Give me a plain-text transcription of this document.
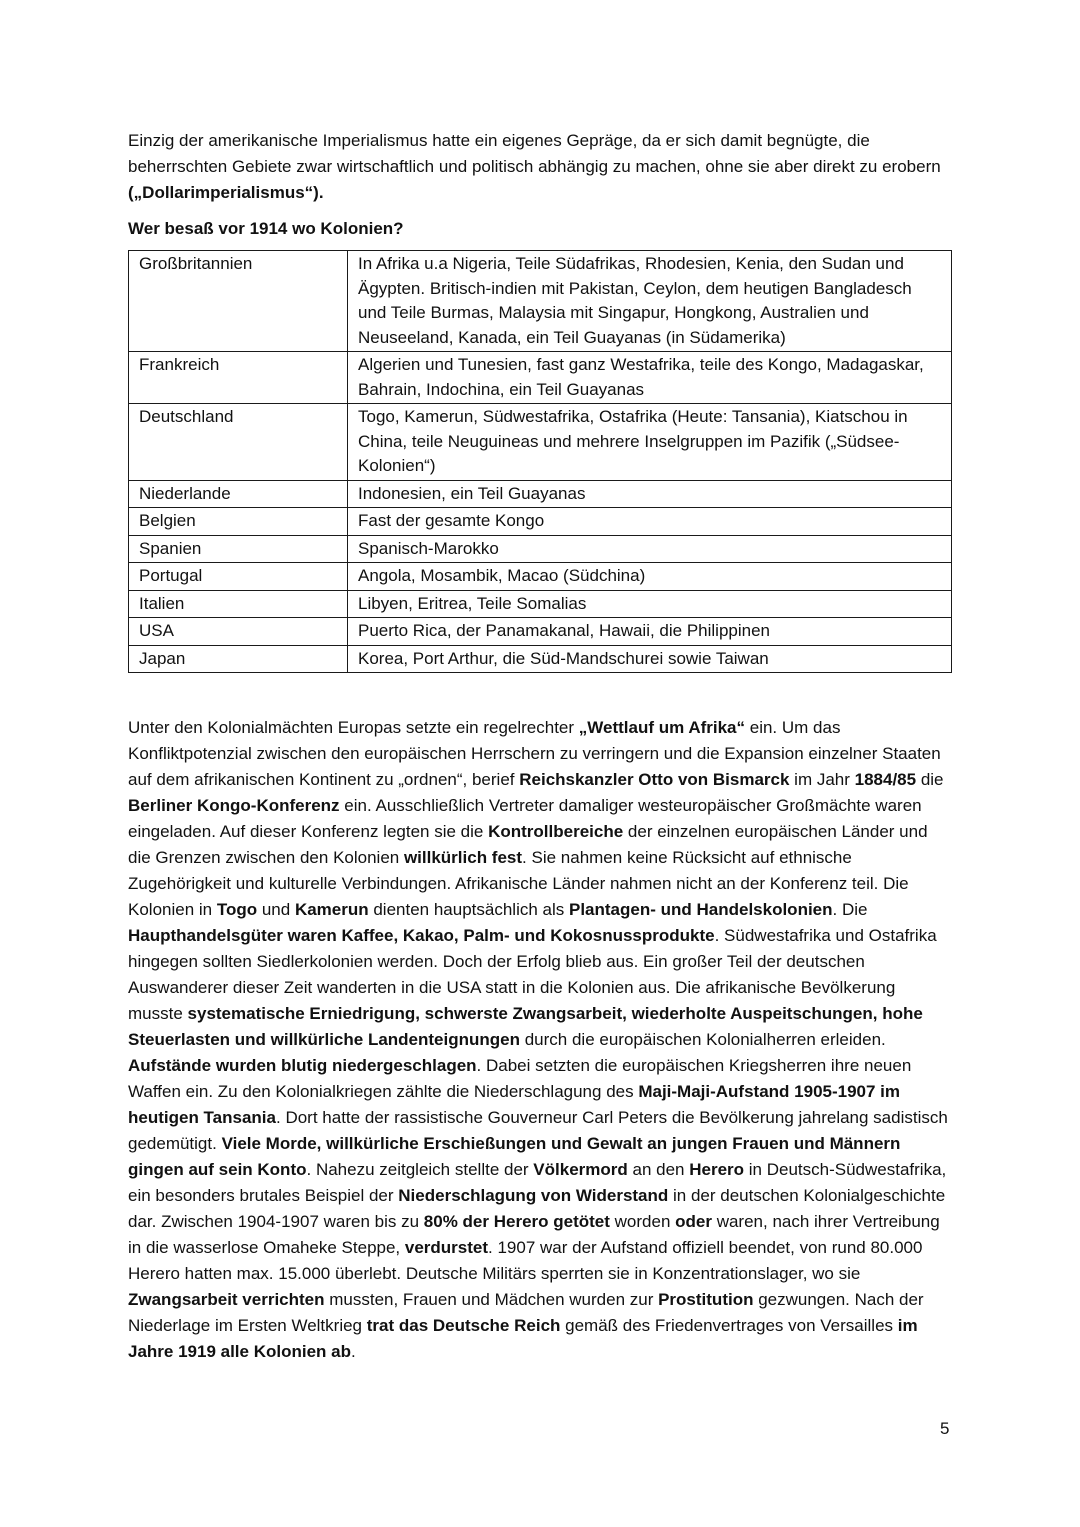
Einzig der amerikanische Imperialismus hatte ein eigenes Gepräge, da er sich damit begnügte, die beherrschten Gebiete zwar wirtschaftlich und politisch abhängig zu machen, ohne sie aber direkt zu erobern („Dollarimperialismus“).

Wer besaß vor 1914 wo Kolonien?
Großbritannien	In Afrika u.a Nigeria, Teile Südafrikas, Rhodesien, Kenia, den Sudan und Ägypten. Britisch-indien mit Pakistan, Ceylon, dem heutigen Bangladesch und Teile Burmas, Malaysia mit Singapur, Hongkong, Australien und Neuseeland, Kanada, ein Teil Guayanas (in Südamerika)
Frankreich	Algerien und Tunesien, fast ganz Westafrika, teile des Kongo, Madagaskar, Bahrain, Indochina, ein Teil Guayanas
Deutschland	Togo, Kamerun, Südwestafrika, Ostafrika (Heute: Tansania), Kiatschou in China, teile Neuguineas und mehrere Inselgruppen im Pazifik („Südsee-Kolonien“)
Niederlande	Indonesien, ein Teil Guayanas
Belgien	Fast der gesamte Kongo
Spanien	Spanisch-Marokko
Portugal	Angola, Mosambik, Macao (Südchina)
Italien	Libyen, Eritrea, Teile Somalias
USA	Puerto Rica, der Panamakanal, Hawaii, die Philippinen
Japan	Korea, Port Arthur, die Süd-Mandschurei sowie Taiwan

Unter den Kolonialmächten Europas setzte ein regelrechter „Wettlauf um Afrika“ ein. Um das Konfliktpotenzial zwischen den europäischen Herrschern zu verringern und die Expansion einzelner Staaten auf dem afrikanischen Kontinent zu „ordnen“, berief Reichskanzler Otto von Bismarck im Jahr 1884/85 die Berliner Kongo-Konferenz ein. Ausschließlich Vertreter damaliger westeuropäischer Großmächte waren eingeladen. Auf dieser Konferenz legten sie die Kontrollbereiche der einzelnen europäischen Länder und die Grenzen zwischen den Kolonien willkürlich fest. Sie nahmen keine Rücksicht auf ethnische Zugehörigkeit und kulturelle Verbindungen. Afrikanische Länder nahmen nicht an der Konferenz teil. Die Kolonien in Togo und Kamerun dienten hauptsächlich als Plantagen- und Handelskolonien. Die Haupthandelsgüter waren Kaffee, Kakao, Palm- und Kokosnussprodukte. Südwestafrika und Ostafrika hingegen sollten Siedlerkolonien werden. Doch der Erfolg blieb aus. Ein großer Teil der deutschen Auswanderer dieser Zeit wanderten in die USA statt in die Kolonien aus. Die afrikanische Bevölkerung musste systematische Erniedrigung, schwerste Zwangsarbeit, wiederholte Auspeitschungen, hohe Steuerlasten und willkürliche Landenteignungen durch die europäischen Kolonialherren erleiden. Aufstände wurden blutig niedergeschlagen. Dabei setzten die europäischen Kriegsherren ihre neuen Waffen ein. Zu den Kolonialkriegen zählte die Niederschlagung des Maji-Maji-Aufstand 1905-1907 im heutigen Tansania. Dort hatte der rassistische Gouverneur Carl Peters die Bevölkerung jahrelang sadistisch gedemütigt. Viele Morde, willkürliche Erschießungen und Gewalt an jungen Frauen und Männern gingen auf sein Konto. Nahezu zeitgleich stellte der Völkermord an den Herero in Deutsch-Südwestafrika, ein besonders brutales Beispiel der Niederschlagung von Widerstand in der deutschen Kolonialgeschichte dar. Zwischen 1904-1907 waren bis zu 80% der Herero getötet worden oder waren, nach ihrer Vertreibung in die wasserlose Omaheke Steppe, verdurstet. 1907 war der Aufstand offiziell beendet, von rund 80.000 Herero hatten max. 15.000 überlebt. Deutsche Militärs sperrten sie in Konzentrationslager, wo sie Zwangsarbeit verrichten mussten, Frauen und Mädchen wurden zur Prostitution gezwungen. Nach der Niederlage im Ersten Weltkrieg trat das Deutsche Reich gemäß des Friedenvertrages von Versailles im Jahre 1919 alle Kolonien ab.

5
